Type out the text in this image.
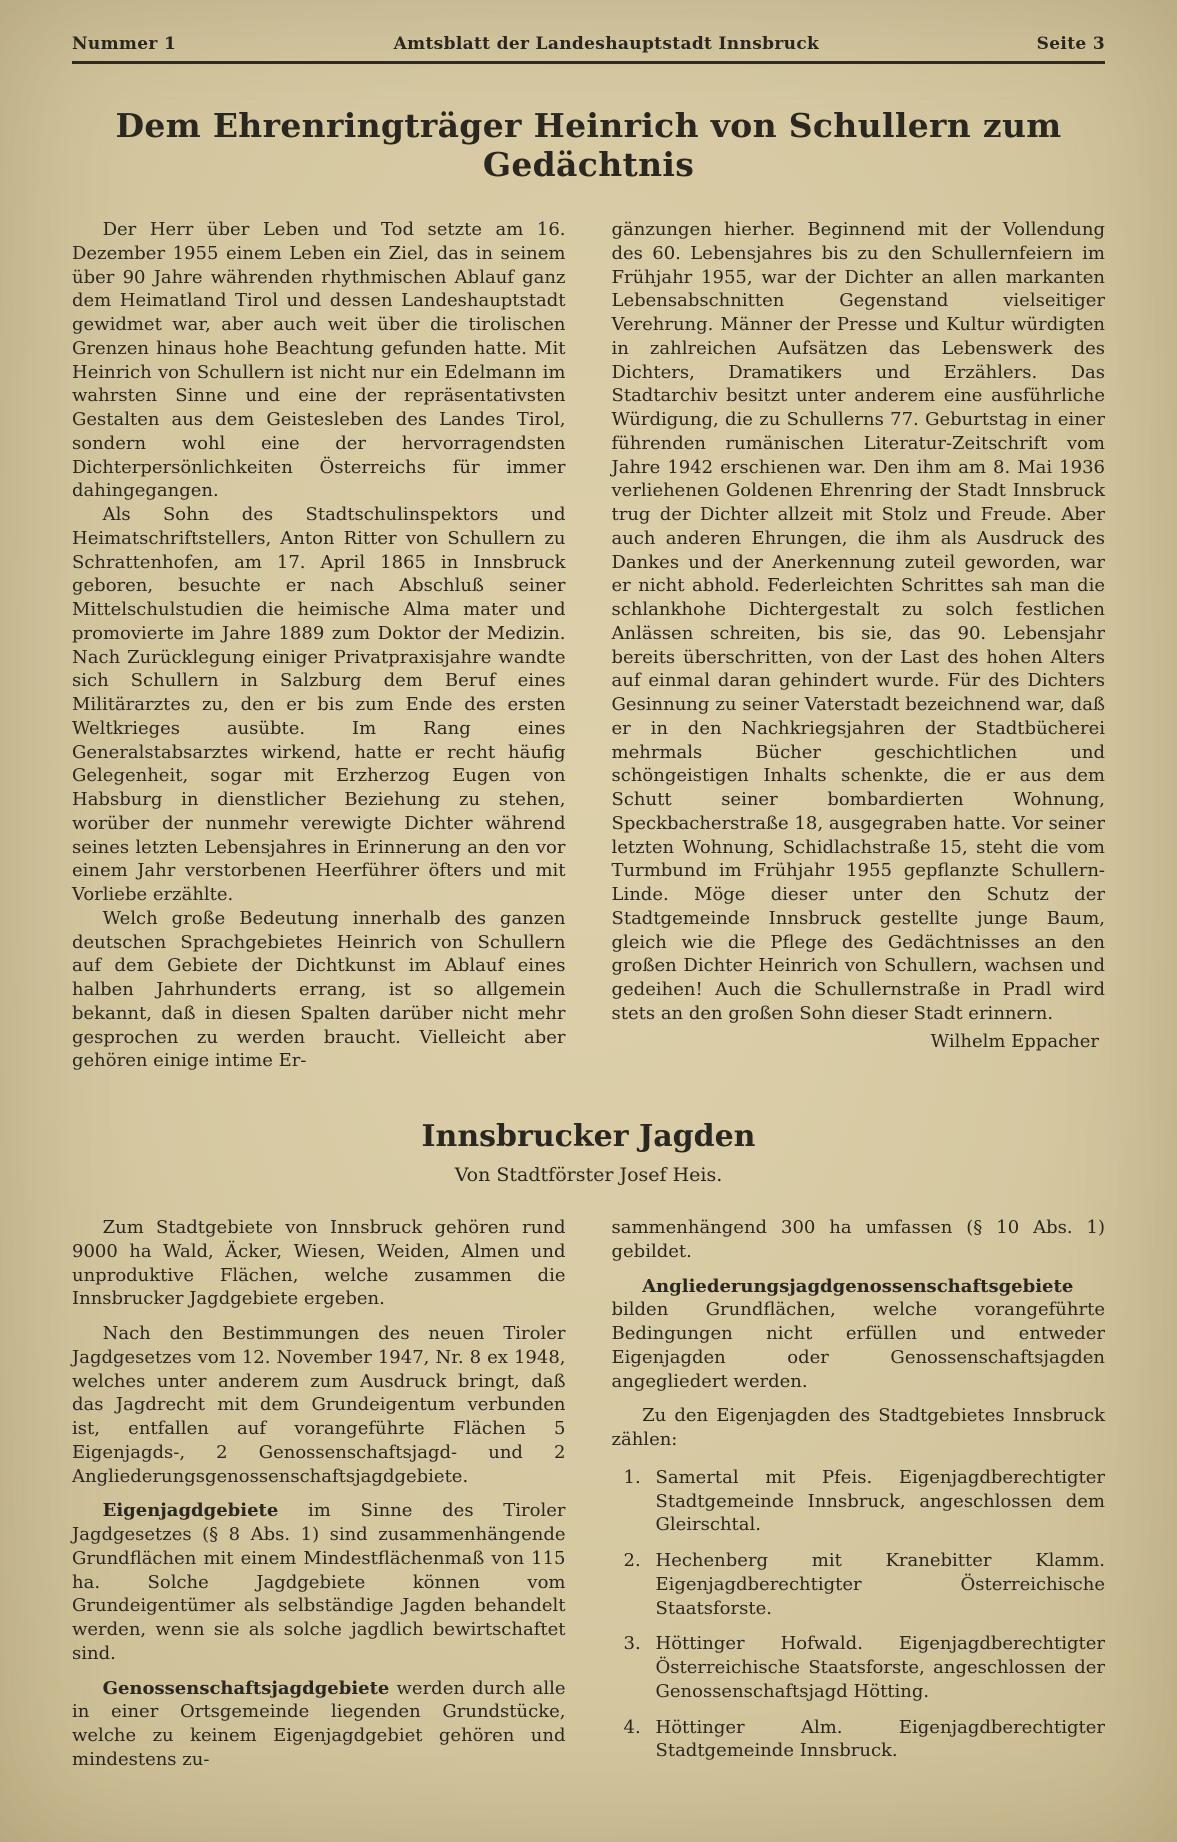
Nummer 1	Amtsblatt der Landeshauptstadt Innsbruck	Seite 3
Dem Ehrenringträger Heinrich von Schullern zum Gedächtnis

Der Herr über Leben und Tod setzte am 16. Dezember 1955 einem Leben ein Ziel, das in seinem über 90 Jahre währenden rhythmischen Ablauf ganz dem Heimatland Tirol und dessen Landeshauptstadt gewidmet war, aber auch weit über die tirolischen Grenzen hinaus hohe Beachtung gefunden hatte. Mit Heinrich von Schullern ist nicht nur ein Edelmann im wahrsten Sinne und eine der repräsentativsten Gestalten aus dem Geistesleben des Landes Tirol, sondern wohl eine der hervorragendsten Dichterpersönlichkeiten Österreichs für immer dahingegangen.

Als Sohn des Stadtschulinspektors und Heimatschriftstellers, Anton Ritter von Schullern zu Schrattenhofen, am 17. April 1865 in Innsbruck geboren, besuchte er nach Abschluß seiner Mittelschulstudien die heimische Alma mater und promovierte im Jahre 1889 zum Doktor der Medizin. Nach Zurücklegung einiger Privatpraxisjahre wandte sich Schullern in Salzburg dem Beruf eines Militärarztes zu, den er bis zum Ende des ersten Weltkrieges ausübte. Im Rang eines Generalstabsarztes wirkend, hatte er recht häufig Gelegenheit, sogar mit Erzherzog Eugen von Habsburg in dienstlicher Beziehung zu stehen, worüber der nunmehr verewigte Dichter während seines letzten Lebensjahres in Erinnerung an den vor einem Jahr verstorbenen Heerführer öfters und mit Vorliebe erzählte.

Welch große Bedeutung innerhalb des ganzen deutschen Sprachgebietes Heinrich von Schullern auf dem Gebiete der Dichtkunst im Ablauf eines halben Jahrhunderts errang, ist so allgemein bekannt, daß in diesen Spalten darüber nicht mehr gesprochen zu werden braucht. Vielleicht aber gehören einige intime Er-

gänzungen hierher. Beginnend mit der Vollendung des 60. Lebensjahres bis zu den Schullernfeiern im Frühjahr 1955, war der Dichter an allen markanten Lebensabschnitten Gegenstand vielseitiger Verehrung. Männer der Presse und Kultur würdigten in zahlreichen Aufsätzen das Lebenswerk des Dichters, Dramatikers und Erzählers. Das Stadtarchiv besitzt unter anderem eine ausführliche Würdigung, die zu Schullerns 77. Geburtstag in einer führenden rumänischen Literatur-Zeitschrift vom Jahre 1942 erschienen war. Den ihm am 8. Mai 1936 verliehenen Goldenen Ehrenring der Stadt Innsbruck trug der Dichter allzeit mit Stolz und Freude. Aber auch anderen Ehrungen, die ihm als Ausdruck des Dankes und der Anerkennung zuteil geworden, war er nicht abhold. Federleichten Schrittes sah man die schlankhohe Dichtergestalt zu solch festlichen Anlässen schreiten, bis sie, das 90. Lebensjahr bereits überschritten, von der Last des hohen Alters auf einmal daran gehindert wurde. Für des Dichters Gesinnung zu seiner Vaterstadt bezeichnend war, daß er in den Nachkriegsjahren der Stadtbücherei mehrmals Bücher geschichtlichen und schöngeistigen Inhalts schenkte, die er aus dem Schutt seiner bombardierten Wohnung, Speckbacherstraße 18, ausgegraben hatte. Vor seiner letzten Wohnung, Schidlachstraße 15, steht die vom Turmbund im Frühjahr 1955 gepflanzte Schullern-Linde. Möge dieser unter den Schutz der Stadtgemeinde Innsbruck gestellte junge Baum, gleich wie die Pflege des Gedächtnisses an den großen Dichter Heinrich von Schullern, wachsen und gedeihen! Auch die Schullernstraße in Pradl wird stets an den großen Sohn dieser Stadt erinnern.

Wilhelm Eppacher

Innsbrucker Jagden
Von Stadtförster Josef Heis.

Zum Stadtgebiete von Innsbruck gehören rund 9000 ha Wald, Äcker, Wiesen, Weiden, Almen und unproduktive Flächen, welche zusammen die Innsbrucker Jagdgebiete ergeben.

Nach den Bestimmungen des neuen Tiroler Jagdgesetzes vom 12. November 1947, Nr. 8 ex 1948, welches unter anderem zum Ausdruck bringt, daß das Jagdrecht mit dem Grundeigentum verbunden ist, entfallen auf vorangeführte Flächen 5 Eigenjagds-, 2 Genossenschaftsjagd- und 2 Angliederungsgenossenschaftsjagdgebiete.

Eigenjagdgebiete im Sinne des Tiroler Jagdgesetzes (§ 8 Abs. 1) sind zusammenhängende Grundflächen mit einem Mindestflächenmaß von 115 ha. Solche Jagdgebiete können vom Grundeigentümer als selbständige Jagden behandelt werden, wenn sie als solche jagdlich bewirtschaftet sind.

Genossenschaftsjagdgebiete werden durch alle in einer Ortsgemeinde liegenden Grundstücke, welche zu keinem Eigenjagdgebiet gehören und mindestens zu-

sammenhängend 300 ha umfassen (§ 10 Abs. 1) gebildet.

Angliederungsjagdgenossenschaftsgebiete bilden Grundflächen, welche vorangeführte Bedingungen nicht erfüllen und entweder Eigenjagden oder Genossenschaftsjagden angegliedert werden.

Zu den Eigenjagden des Stadtgebietes Innsbruck zählen:

1. Samertal mit Pfeis. Eigenjagdberechtigter Stadtgemeinde Innsbruck, angeschlossen dem Gleirschtal.
2. Hechenberg mit Kranebitter Klamm. Eigenjagdberechtigter Österreichische Staatsforste.
3. Höttinger Hofwald. Eigenjagdberechtigter Österreichische Staatsforste, angeschlossen der Genossenschaftsjagd Hötting.
4. Höttinger Alm. Eigenjagdberechtigter Stadtgemeinde Innsbruck.
